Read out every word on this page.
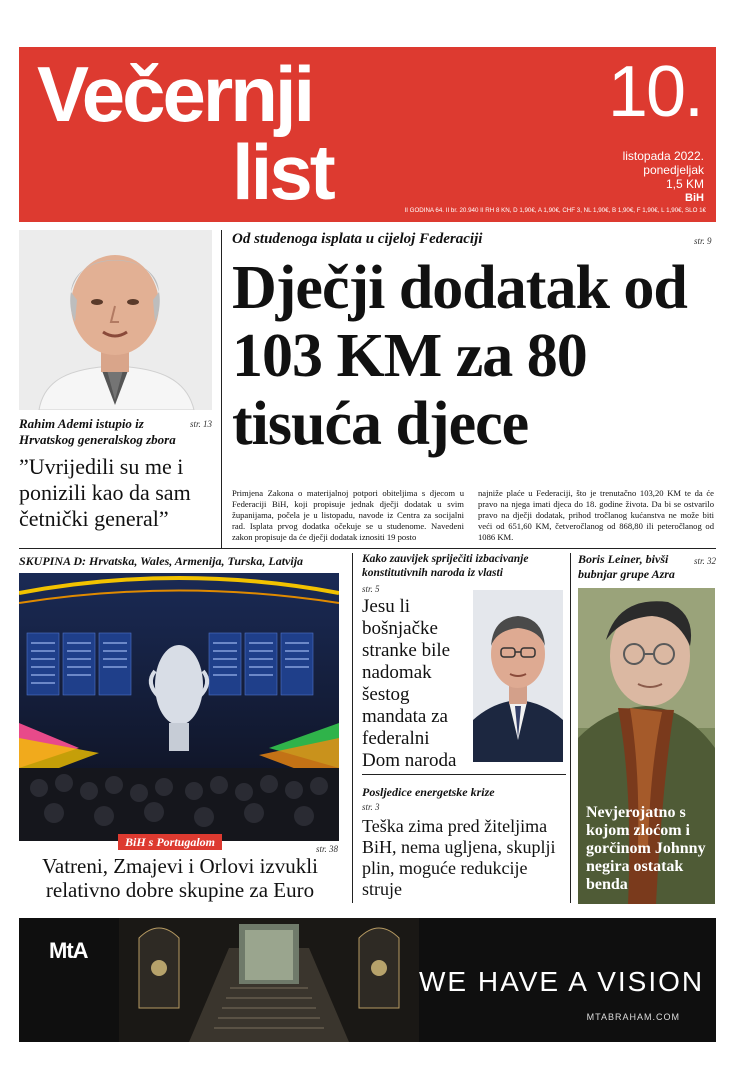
Večernji
list
10.
listopada 2022.
ponedjeljak
1,5 KM
BiH
II GODINA 64. II br. 20.940 II RH 8 KN, D 1,90€, A 1,90€, CHF 3, NL 1,90€, B 1,90€, F 1,90€, L 1,90€, SLO 1€
Rahim Ademi istupio iz Hrvatskog generalskog zbora
str. 13
”Uvrijedili su me i ponizili kao da sam četnički general”
Od studenoga isplata u cijeloj Federaciji	str. 9
Dječji dodatak od 103 KM za 80 tisuća djece
Primjena Zakona o materijalnoj potpori obiteljima s djecom u Federaciji BiH, koji propisuje jednak dječji dodatak u svim županijama, počela je u listopadu, navode iz Centra za socijalni rad. Isplata prvog dodatka očekuje se u studenome. Navedeni zakon propisuje da će dječji dodatak iznositi 19 posto
najniže plaće u Federaciji, što je trenutačno 103,20 KM te da će pravo na njega imati djeca do 18. godine života. Da bi se ostvarilo pravo na dječji dodatak, prihod tročlanog kućanstva ne može biti veći od 651,60 KM, četveročlanog od 868,80 ili peteročlanog od 1086 KM.
SKUPINA D: Hrvatska, Wales, Armenija, Turska, Latvija
BiH s Portugalom	str. 38
Vatreni, Zmajevi i Orlovi izvukli relativno dobre skupine za Euro
Kako zauvijek spriječiti izbacivanje konstitutivnih naroda iz vlasti
str. 5
Jesu li bošnjačke stranke bile nadomak šestog mandata za federalni Dom naroda
Posljedice energetske krize
str. 3
Teška zima pred žiteljima BiH, nema ugljena, skuplji plin, moguće redukcije struje
Boris Leiner, bivši bubnjar grupe Azra
str. 32
Nevjerojatno s kojom zloćom i gorčinom Johnny negira ostatak benda
MtA
WE HAVE A VISION
MTABRAHAM.COM
